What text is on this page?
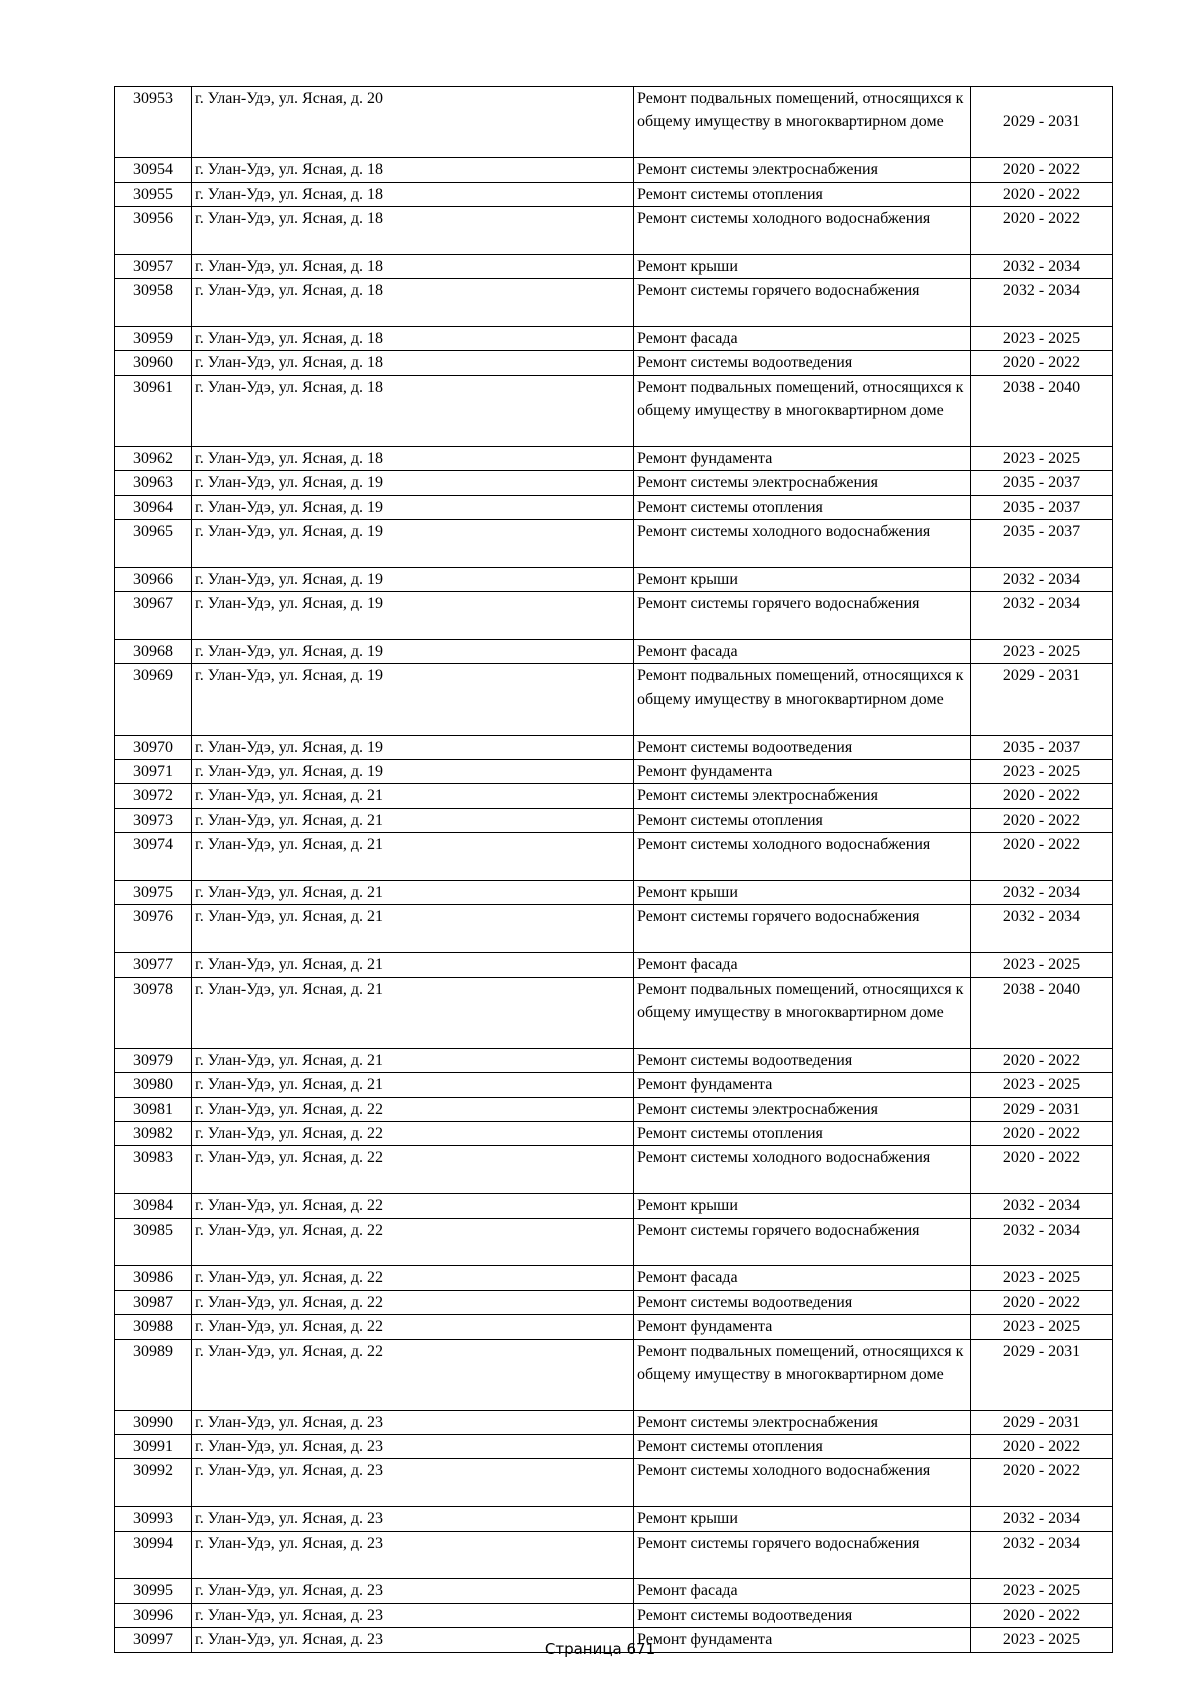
30953	г. Улан-Удэ, ул. Ясная, д. 20	Ремонт подвальных помещений, относящихся к общему имуществу в многоквартирном доме	2029 - 2031
30954	г. Улан-Удэ, ул. Ясная, д. 18	Ремонт системы электроснабжения	2020 - 2022
30955	г. Улан-Удэ, ул. Ясная, д. 18	Ремонт системы отопления	2020 - 2022
30956	г. Улан-Удэ, ул. Ясная, д. 18	Ремонт системы холодного водоснабжения	2020 - 2022
30957	г. Улан-Удэ, ул. Ясная, д. 18	Ремонт крыши	2032 - 2034
30958	г. Улан-Удэ, ул. Ясная, д. 18	Ремонт системы горячего водоснабжения	2032 - 2034
30959	г. Улан-Удэ, ул. Ясная, д. 18	Ремонт фасада	2023 - 2025
30960	г. Улан-Удэ, ул. Ясная, д. 18	Ремонт системы водоотведения	2020 - 2022
30961	г. Улан-Удэ, ул. Ясная, д. 18	Ремонт подвальных помещений, относящихся к общему имуществу в многоквартирном доме	2038 - 2040
30962	г. Улан-Удэ, ул. Ясная, д. 18	Ремонт фундамента	2023 - 2025
30963	г. Улан-Удэ, ул. Ясная, д. 19	Ремонт системы электроснабжения	2035 - 2037
30964	г. Улан-Удэ, ул. Ясная, д. 19	Ремонт системы отопления	2035 - 2037
30965	г. Улан-Удэ, ул. Ясная, д. 19	Ремонт системы холодного водоснабжения	2035 - 2037
30966	г. Улан-Удэ, ул. Ясная, д. 19	Ремонт крыши	2032 - 2034
30967	г. Улан-Удэ, ул. Ясная, д. 19	Ремонт системы горячего водоснабжения	2032 - 2034
30968	г. Улан-Удэ, ул. Ясная, д. 19	Ремонт фасада	2023 - 2025
30969	г. Улан-Удэ, ул. Ясная, д. 19	Ремонт подвальных помещений, относящихся к общему имуществу в многоквартирном доме	2029 - 2031
30970	г. Улан-Удэ, ул. Ясная, д. 19	Ремонт системы водоотведения	2035 - 2037
30971	г. Улан-Удэ, ул. Ясная, д. 19	Ремонт фундамента	2023 - 2025
30972	г. Улан-Удэ, ул. Ясная, д. 21	Ремонт системы электроснабжения	2020 - 2022
30973	г. Улан-Удэ, ул. Ясная, д. 21	Ремонт системы отопления	2020 - 2022
30974	г. Улан-Удэ, ул. Ясная, д. 21	Ремонт системы холодного водоснабжения	2020 - 2022
30975	г. Улан-Удэ, ул. Ясная, д. 21	Ремонт крыши	2032 - 2034
30976	г. Улан-Удэ, ул. Ясная, д. 21	Ремонт системы горячего водоснабжения	2032 - 2034
30977	г. Улан-Удэ, ул. Ясная, д. 21	Ремонт фасада	2023 - 2025
30978	г. Улан-Удэ, ул. Ясная, д. 21	Ремонт подвальных помещений, относящихся к общему имуществу в многоквартирном доме	2038 - 2040
30979	г. Улан-Удэ, ул. Ясная, д. 21	Ремонт системы водоотведения	2020 - 2022
30980	г. Улан-Удэ, ул. Ясная, д. 21	Ремонт фундамента	2023 - 2025
30981	г. Улан-Удэ, ул. Ясная, д. 22	Ремонт системы электроснабжения	2029 - 2031
30982	г. Улан-Удэ, ул. Ясная, д. 22	Ремонт системы отопления	2020 - 2022
30983	г. Улан-Удэ, ул. Ясная, д. 22	Ремонт системы холодного водоснабжения	2020 - 2022
30984	г. Улан-Удэ, ул. Ясная, д. 22	Ремонт крыши	2032 - 2034
30985	г. Улан-Удэ, ул. Ясная, д. 22	Ремонт системы горячего водоснабжения	2032 - 2034
30986	г. Улан-Удэ, ул. Ясная, д. 22	Ремонт фасада	2023 - 2025
30987	г. Улан-Удэ, ул. Ясная, д. 22	Ремонт системы водоотведения	2020 - 2022
30988	г. Улан-Удэ, ул. Ясная, д. 22	Ремонт фундамента	2023 - 2025
30989	г. Улан-Удэ, ул. Ясная, д. 22	Ремонт подвальных помещений, относящихся к общему имуществу в многоквартирном доме	2029 - 2031
30990	г. Улан-Удэ, ул. Ясная, д. 23	Ремонт системы электроснабжения	2029 - 2031
30991	г. Улан-Удэ, ул. Ясная, д. 23	Ремонт системы отопления	2020 - 2022
30992	г. Улан-Удэ, ул. Ясная, д. 23	Ремонт системы холодного водоснабжения	2020 - 2022
30993	г. Улан-Удэ, ул. Ясная, д. 23	Ремонт крыши	2032 - 2034
30994	г. Улан-Удэ, ул. Ясная, д. 23	Ремонт системы горячего водоснабжения	2032 - 2034
30995	г. Улан-Удэ, ул. Ясная, д. 23	Ремонт фасада	2023 - 2025
30996	г. Улан-Удэ, ул. Ясная, д. 23	Ремонт системы водоотведения	2020 - 2022
30997	г. Улан-Удэ, ул. Ясная, д. 23	Ремонт фундамента	2023 - 2025
Страница 671
